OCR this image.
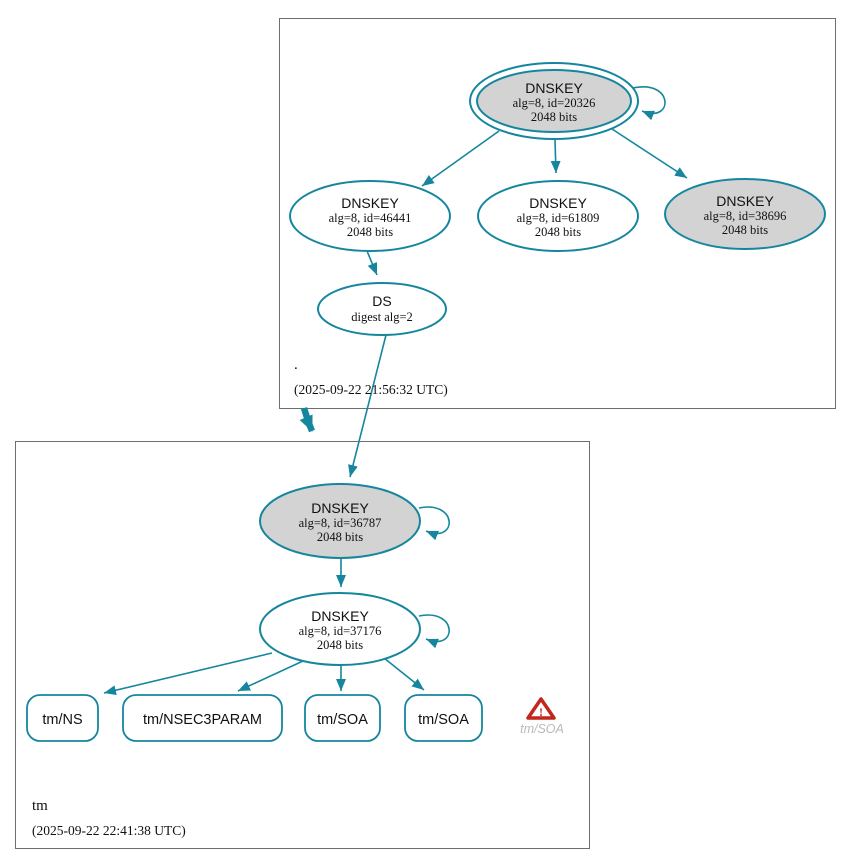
DNSKEY
alg=8, id=20326
2048 bits
DNSKEY
alg=8, id=46441
2048 bits
DNSKEY
alg=8, id=61809
2048 bits
DNSKEY
alg=8, id=38696
2048 bits
DS
digest alg=2
.
(2025-09-22 21:56:32 UTC)
DNSKEY
alg=8, id=36787
2048 bits
DNSKEY
alg=8, id=37176
2048 bits
tm/NS	tm/NSEC3PARAM	tm/SOA	tm/SOA	!
tm/SOA
tm
(2025-09-22 22:41:38 UTC)
